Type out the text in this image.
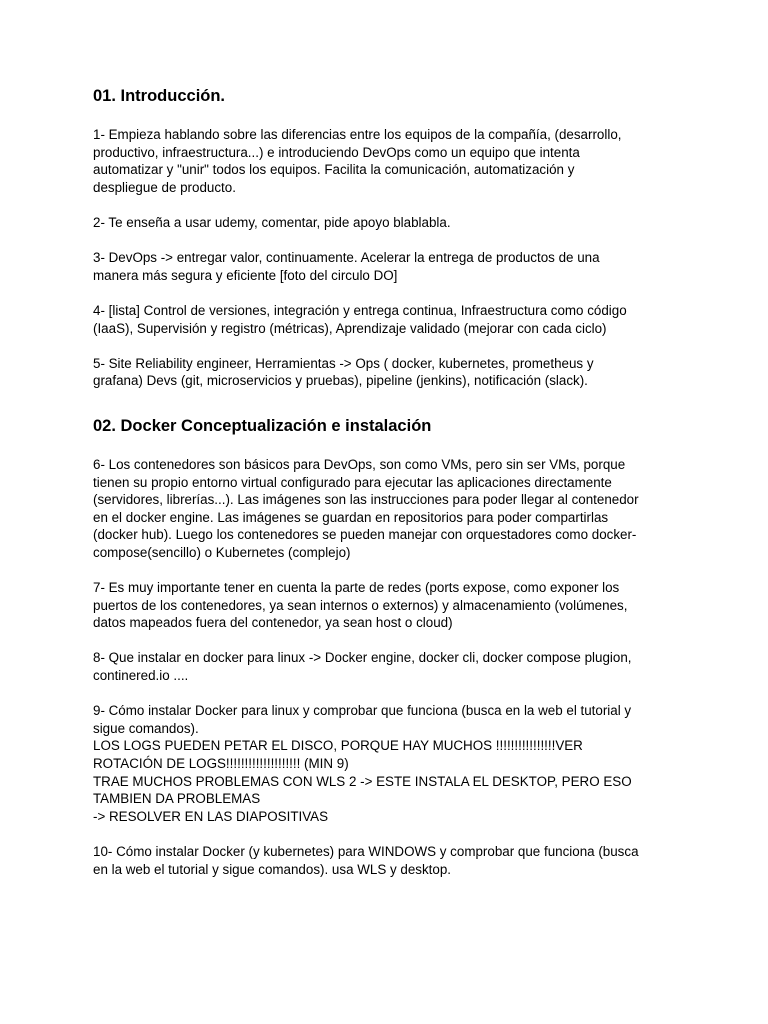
01. Introducción.

1- Empieza hablando sobre las diferencias entre los equipos de la compañía, (desarrollo,
productivo, infraestructura...) e introduciendo DevOps como un equipo que intenta
automatizar y "unir" todos los equipos. Facilita la comunicación, automatización y
despliegue de producto.

2- Te enseña a usar udemy, comentar, pide apoyo blablabla.

3- DevOps -> entregar valor, continuamente. Acelerar la entrega de productos de una
manera más segura y eficiente [foto del circulo DO]

4- [lista] Control de versiones, integración y entrega continua, Infraestructura como código
(IaaS), Supervisión y registro (métricas), Aprendizaje validado (mejorar con cada ciclo)

5- Site Reliability engineer, Herramientas -> Ops ( docker, kubernetes, prometheus y
grafana) Devs (git, microservicios y pruebas), pipeline (jenkins), notificación (slack).

02. Docker Conceptualización e instalación

6- Los contenedores son básicos para DevOps, son como VMs, pero sin ser VMs, porque
tienen su propio entorno virtual configurado para ejecutar las aplicaciones directamente
(servidores, librerías...). Las imágenes son las instrucciones para poder llegar al contenedor
en el docker engine. Las imágenes se guardan en repositorios para poder compartirlas
(docker hub). Luego los contenedores se pueden manejar con orquestadores como docker-
compose(sencillo) o Kubernetes (complejo)

7- Es muy importante tener en cuenta la parte de redes (ports expose, como exponer los
puertos de los contenedores, ya sean internos o externos) y almacenamiento (volúmenes,
datos mapeados fuera del contenedor, ya sean host o cloud)

8- Que instalar en docker para linux -> Docker engine, docker cli, docker compose plugion,
continered.io ....

9- Cómo instalar Docker para linux y comprobar que funciona (busca en la web el tutorial y
sigue comandos).
LOS LOGS PUEDEN PETAR EL DISCO, PORQUE HAY MUCHOS !!!!!!!!!!!!!!!!VER
ROTACIÓN DE LOGS!!!!!!!!!!!!!!!!!!!! (MIN 9)
TRAE MUCHOS PROBLEMAS CON WLS 2 -> ESTE INSTALA EL DESKTOP, PERO ESO
TAMBIEN DA PROBLEMAS
-> RESOLVER EN LAS DIAPOSITIVAS

10- Cómo instalar Docker (y kubernetes) para WINDOWS y comprobar que funciona (busca
en la web el tutorial y sigue comandos). usa WLS y desktop.
